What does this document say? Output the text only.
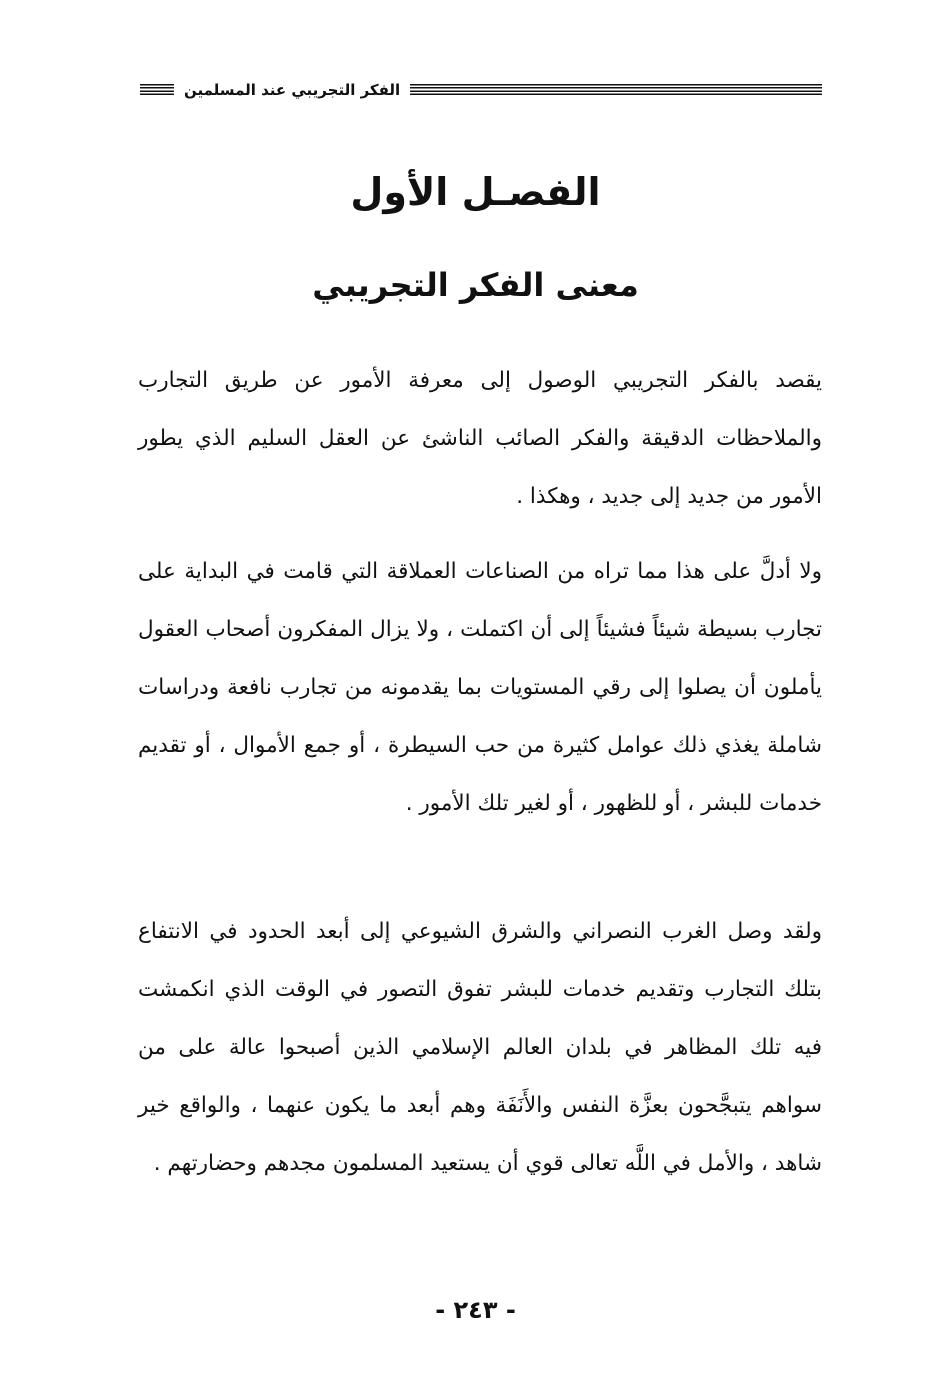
الفكر التجريبي عند المسلمين
الفصـل الأول
معنى الفكر التجريبي

يقصد بالفكر التجريبي الوصول إلى معرفة الأمور عن طريق التجارب والملاحظات الدقيقة والفكر الصائب الناشئ عن العقل السليم الذي يطور الأمور من جديد إلى جديد ، وهكذا .

ولا أدلَّ على هذا مما تراه من الصناعات العملاقة التي قامت في البداية على تجارب بسيطة شيئاً فشيئاً إلى أن اكتملت ، ولا يزال المفكرون أصحاب العقول يأملون أن يصلوا إلى رقي المستويات بما يقدمونه من تجارب نافعة ودراسات شاملة يغذي ذلك عوامل كثيرة من حب السيطرة ، أو جمع الأموال ، أو تقديم خدمات للبشر ، أو للظهور ، أو لغير تلك الأمور .

ولقد وصل الغرب النصراني والشرق الشيوعي إلى أبعد الحدود في الانتفاع بتلك التجارب وتقديم خدمات للبشر تفوق التصور في الوقت الذي انكمشت فيه تلك المظاهر في بلدان العالم الإسلامي الذين أصبحوا عالة على من سواهم يتبجَّحون بعزَّة النفس والأَنَفَة وهم أبعد ما يكون عنهما ، والواقع خير شاهد ، والأمل في اللَّه تعالى قوي أن يستعيد المسلمون مجدهم وحضارتهم .

- ٢٤٣ -
